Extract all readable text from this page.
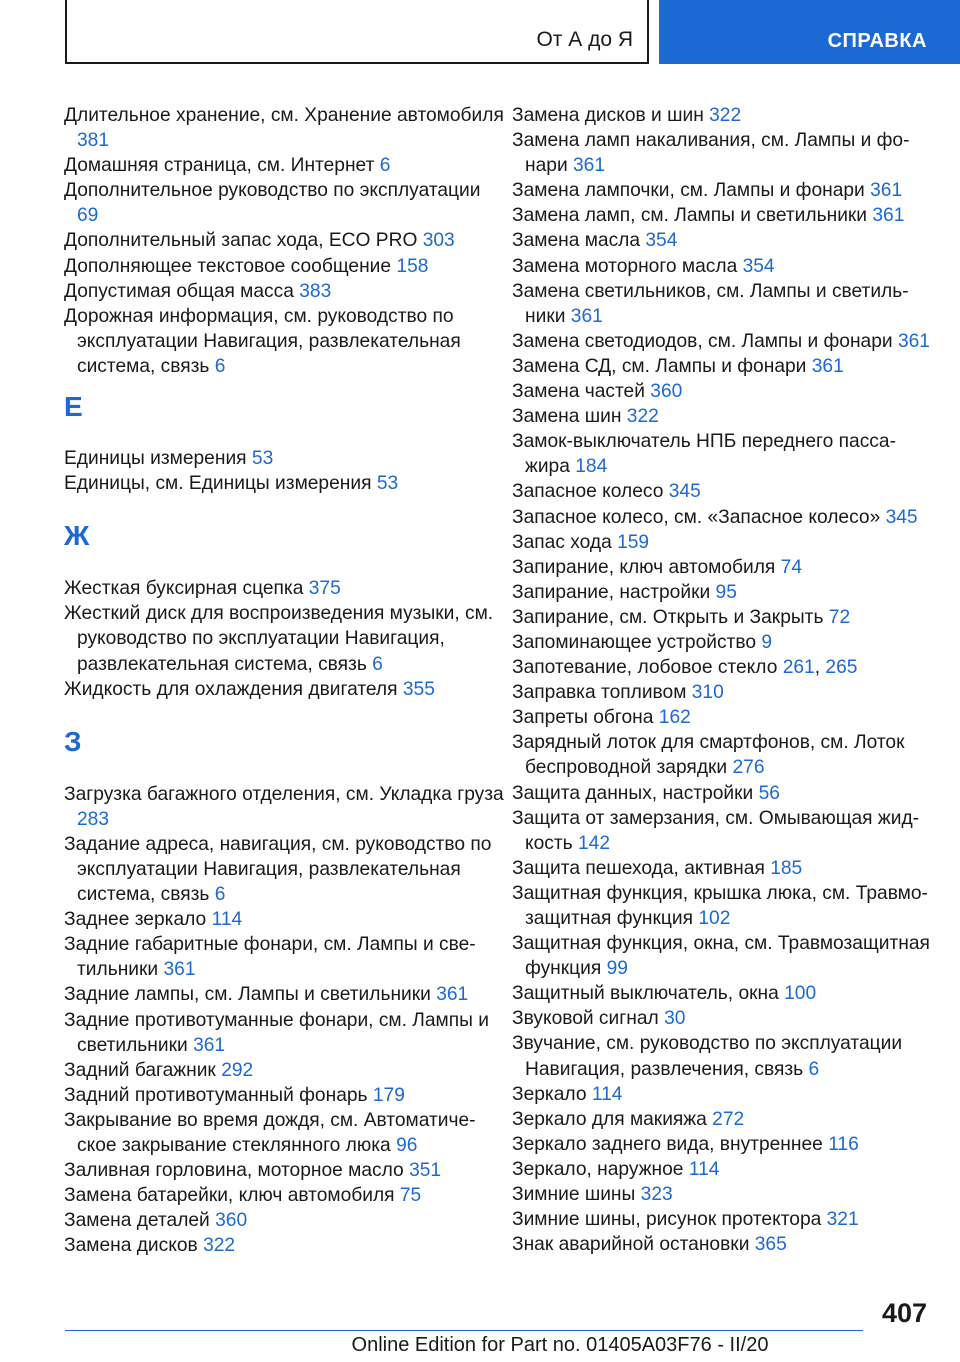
От А до Я	СПРАВКА
Длительное хранение, см. Хранение автомобиля 381
Домашняя страница, см. Интернет 6
Дополнительное руководство по эксплуатации 69
Дополнительный запас хода, ECO PRO 303
Дополняющее текстовое сообщение 158
Допустимая общая масса 383
Дорожная информация, см. руководство по эксплуатации Навигация, развлекательная система, связь 6
Е
Единицы измерения 53
Единицы, см. Единицы измерения 53
Ж
Жесткая буксирная сцепка 375
Жесткий диск для воспроизведения музыки, см. руководство по эксплуатации Навигация, развлекательная система, связь 6
Жидкость для охлаждения двигателя 355
З
Загрузка багажного отделения, см. Укладка груза 283
Задание адреса, навигация, см. руководство по эксплуатации Навигация, развлекательная система, связь 6
Заднее зеркало 114
Задние габаритные фонари, см. Лампы и светильники 361
Задние лампы, см. Лампы и светильники 361
Задние противотуманные фонари, см. Лампы и светильники 361
Задний багажник 292
Задний противотуманный фонарь 179
Закрывание во время дождя, см. Автоматическое закрывание стеклянного люка 96
Заливная горловина, моторное масло 351
Замена батарейки, ключ автомобиля 75
Замена деталей 360
Замена дисков 322
Замена дисков и шин 322
Замена ламп накаливания, см. Лампы и фонари 361
Замена лампочки, см. Лампы и фонари 361
Замена ламп, см. Лампы и светильники 361
Замена масла 354
Замена моторного масла 354
Замена светильников, см. Лампы и светильники 361
Замена светодиодов, см. Лампы и фонари 361
Замена СД, см. Лампы и фонари 361
Замена частей 360
Замена шин 322
Замок-выключатель НПБ переднего пассажира 184
Запасное колесо 345
Запасное колесо, см. «Запасное колесо» 345
Запас хода 159
Запирание, ключ автомобиля 74
Запирание, настройки 95
Запирание, см. Открыть и Закрыть 72
Запоминающее устройство 9
Запотевание, лобовое стекло 261, 265
Заправка топливом 310
Запреты обгона 162
Зарядный лоток для смартфонов, см. Лоток беспроводной зарядки 276
Защита данных, настройки 56
Защита от замерзания, см. Омывающая жидкость 142
Защита пешехода, активная 185
Защитная функция, крышка люка, см. Травмозащитная функция 102
Защитная функция, окна, см. Травмозащитная функция 99
Защитный выключатель, окна 100
Звуковой сигнал 30
Звучание, см. руководство по эксплуатации Навигация, развлечения, связь 6
Зеркало 114
Зеркало для макияжа 272
Зеркало заднего вида, внутреннее 116
Зеркало, наружное 114
Зимние шины 323
Зимние шины, рисунок протектора 321
Знак аварийной остановки 365
407
Online Edition for Part no. 01405A03F76 - II/20
